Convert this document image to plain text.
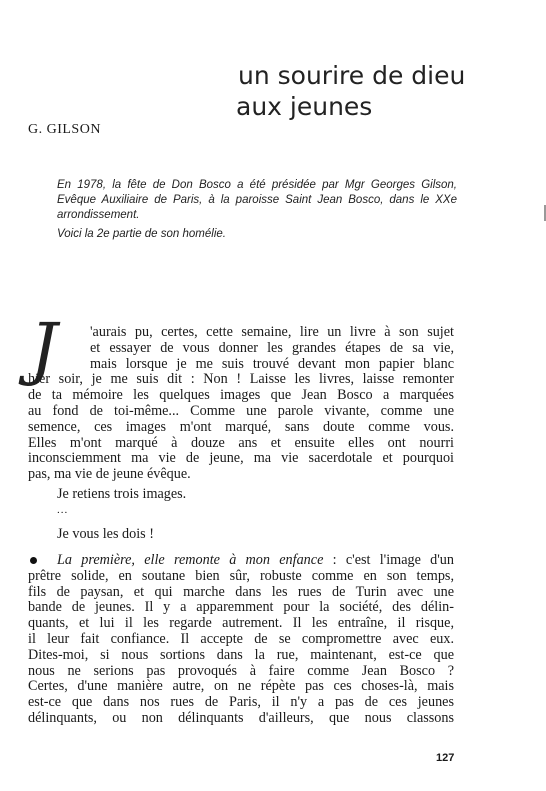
un sourire de dieu
aux jeunes
G. GILSON
En 1978, la fête de Don Bosco a été présidée par Mgr Georges Gilson, Evêque Auxiliaire de Paris, à la paroisse Saint Jean Bosco, dans le XXe arrondissement.
Voici la 2e partie de son homélie.
J 'aurais pu, certes, cette semaine, lire un livre à son sujet
et essayer de vous donner les grandes étapes de sa vie,
mais lorsque je me suis trouvé devant mon papier blanc
hier soir, je me suis dit : Non ! Laisse les livres, laisse remonter
de ta mémoire les quelques images que Jean Bosco a marquées
au fond de toi-même... Comme une parole vivante, comme une
semence, ces images m'ont marqué, sans doute comme vous.
Elles m'ont marqué à douze ans et ensuite elles ont nourri
inconsciemment ma vie de jeune, ma vie sacerdotale et pourquoi
pas, ma vie de jeune évêque.
Je retiens trois images.
...
Je vous les dois !
La première, elle remonte à mon enfance : c'est l'image d'un
prêtre solide, en soutane bien sûr, robuste comme en son temps,
fils de paysan, et qui marche dans les rues de Turin avec une
bande de jeunes. Il y a apparemment pour la société, des délin-
quants, et lui il les regarde autrement. Il les entraîne, il risque,
il leur fait confiance. Il accepte de se compromettre avec eux.
Dites-moi, si nous sortions dans la rue, maintenant, est-ce que
nous ne serions pas provoqués à faire comme Jean Bosco ?
Certes, d'une manière autre, on ne répète pas ces choses-là, mais
est-ce que dans nos rues de Paris, il n'y a pas de ces jeunes
délinquants, ou non délinquants d'ailleurs, que nous classons
127
